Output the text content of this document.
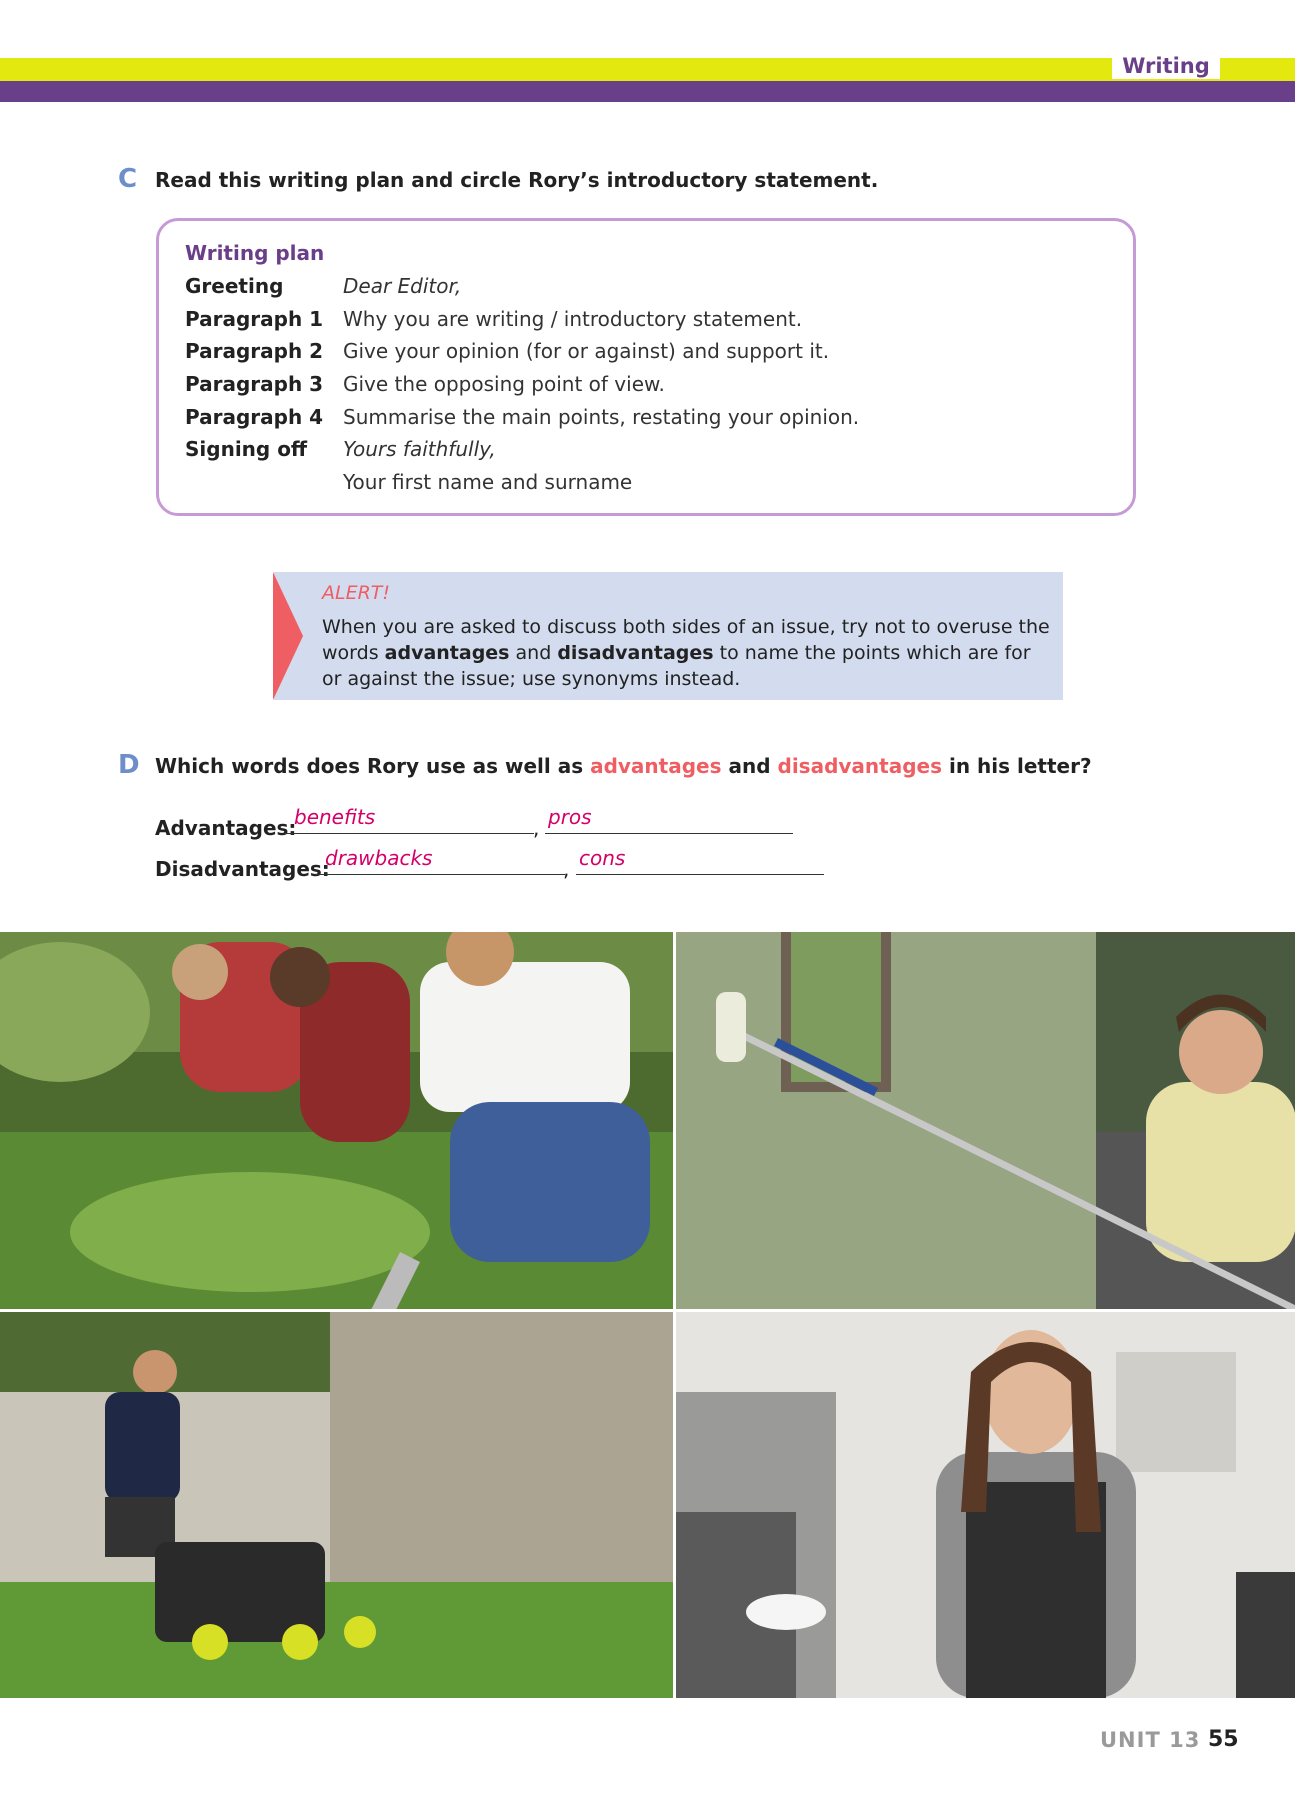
Writing
C Read this writing plan and circle Rory’s introductory statement.
Writing plan
Greeting	Dear Editor,
Paragraph 1 Why you are writing / introductory statement.
Paragraph 2 Give your opinion (for or against) and support it.
Paragraph 3 Give the opposing point of view.
Paragraph 4 Summarise the main points, restating your opinion.
Signing off Yours faithfully,
Your first name and surname
ALERT!
When you are asked to discuss both sides of an issue, try not to overuse the words advantages and disadvantages to name the points which are for or against the issue; use synonyms instead.
D Which words does Rory use as well as advantages and disadvantages in his letter?
Advantages:
benefits	, pros
Disadvantages:
drawbacks	, cons
UNIT 13 55
